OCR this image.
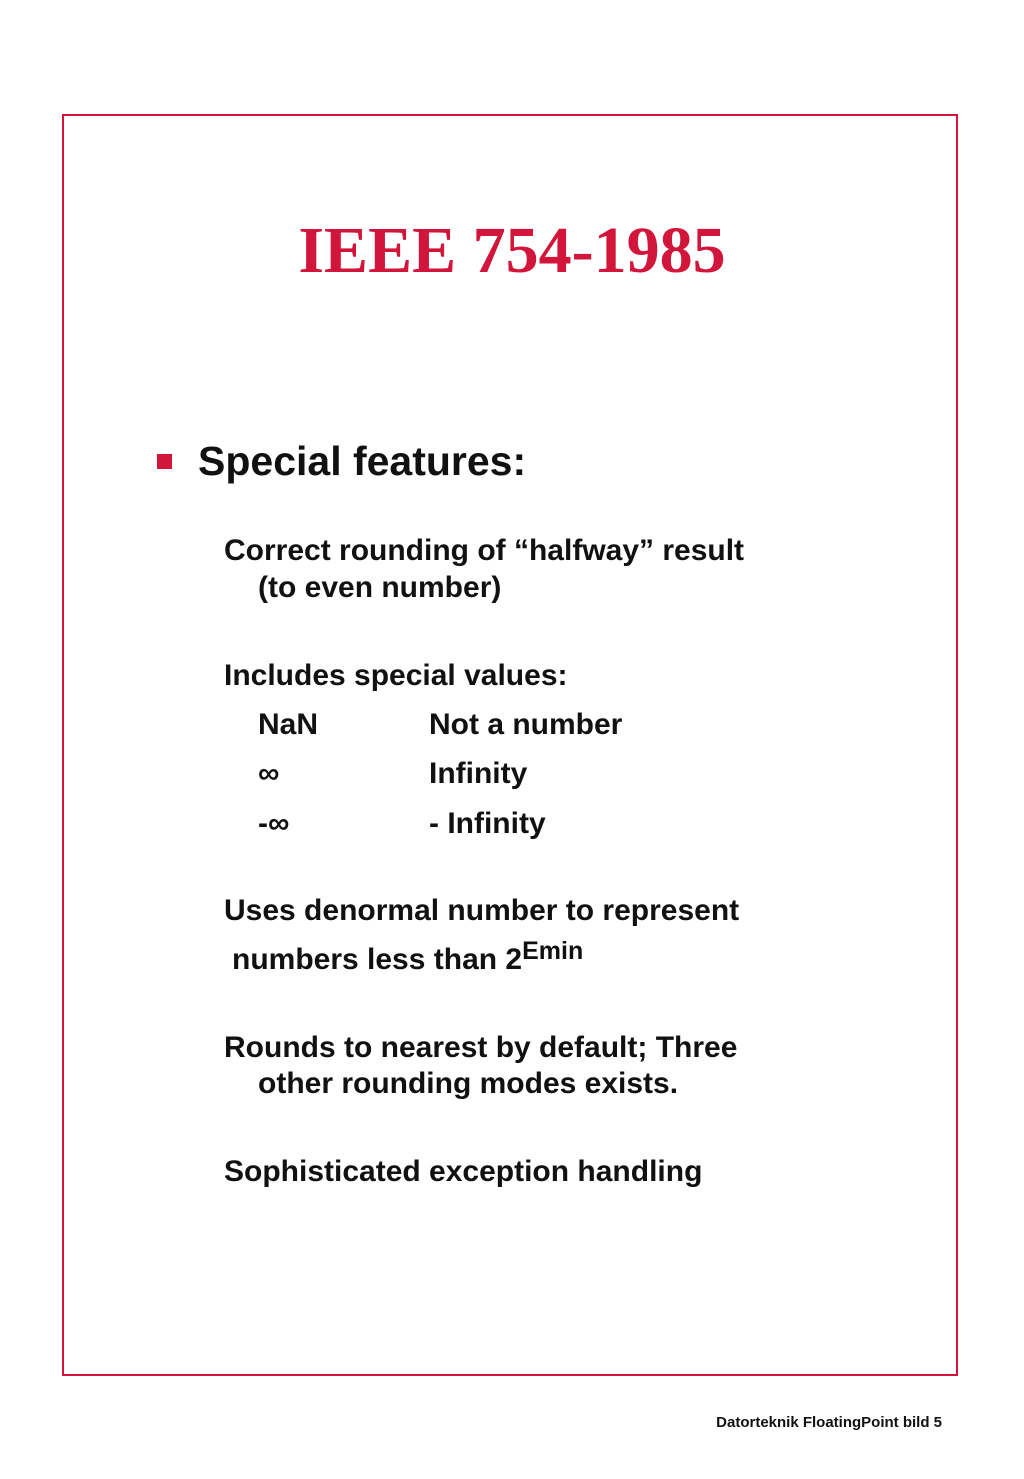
IEEE 754-1985
Special features:
Correct rounding of “halfway” result
(to even number)
Includes special values:
NaN	Not a number
∞	Infinity
-∞	- Infinity
Uses denormal number to represent
numbers less than $2^{Emin}$
Rounds to nearest by default; Three
other rounding modes exists.
Sophisticated exception handling
Datorteknik FloatingPoint bild 5
